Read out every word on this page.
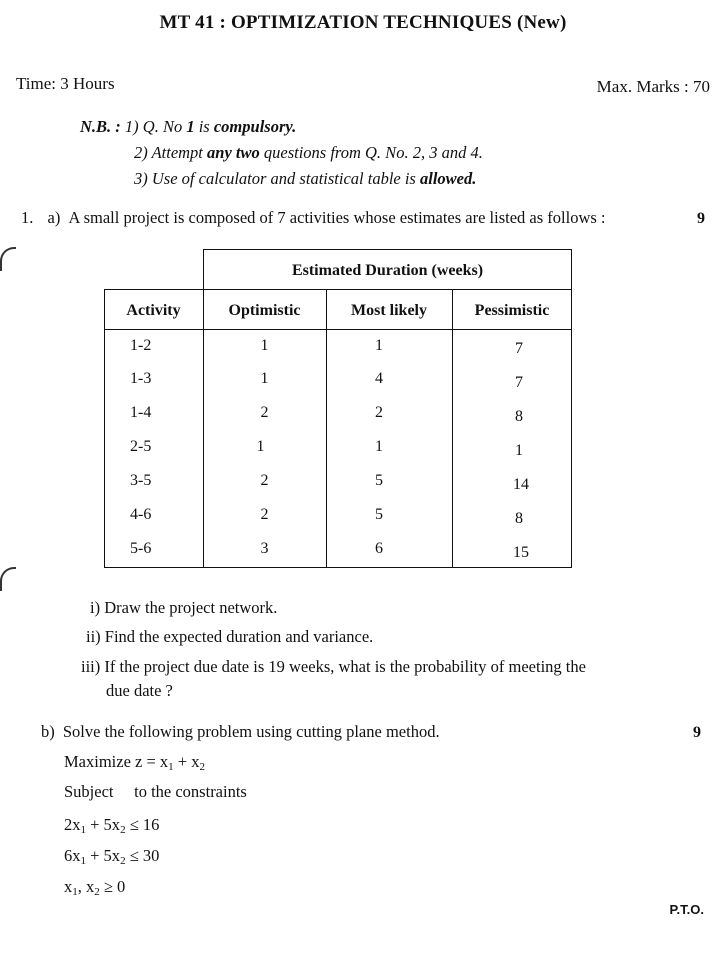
MT 41 : OPTIMIZATION TECHNIQUES (New)
Time: 3 Hours	Max. Marks : 70
N.B. : 1) Q. No 1 is compulsory.
2) Attempt any two questions from Q. No. 2, 3 and 4.
3) Use of calculator and statistical table is allowed.
1. a) A small project is composed of 7 activities whose estimates are listed as follows :	9
Estimated Duration (weeks)
Activity	Optimistic	Most likely	Pessimistic
1-2	1	1	7
1-3	1	4	7
1-4	2	2	8
2-5	1	1	1
3-5	2	5	14
4-6	2	5	8
5-6	3	6	15
i) Draw the project network.
ii) Find the expected duration and variance.
iii) If the project due date is 19 weeks, what is the probability of meeting the
due date ?
b) Solve the following problem using cutting plane method.	9
Maximize $z = x_1 + x_2$
Subject     to the constraints
$2x_1 + 5x_2 \le 16$
$6x_1 + 5x_2 \le 30$
$x_1$, $x_2 \ge 0$
P.T.O.
